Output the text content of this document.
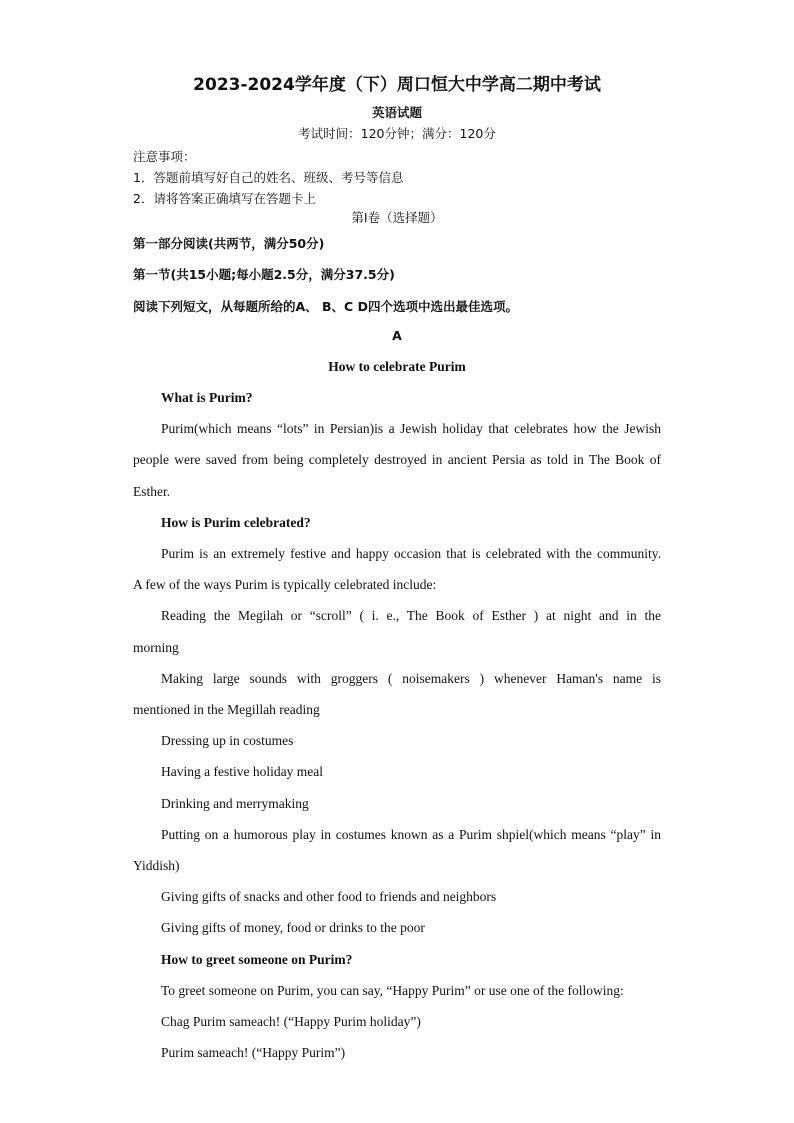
2023-2024学年度（下）周口恒大中学高二期中考试
英语试题
考试时间：120分钟；满分：120分
注意事项：
1．答题前填写好自己的姓名、班级、考号等信息
2．请将答案正确填写在答题卡上
第I卷（选择题）
第一部分阅读(共两节，满分50分)
第一节(共15小题;每小题2.5分，满分37.5分)
阅读下列短文，从每题所给的A、 B、C D四个选项中选出最佳选项。
A
How to celebrate Purim
What is Purim?
Purim(which means “lots” in Persian)is a Jewish holiday that celebrates how the Jewish
people were saved from being completely destroyed in ancient Persia as told in The Book of
Esther.
How is Purim celebrated?
Purim is an extremely festive and happy occasion that is celebrated with the community.
A few of the ways Purim is typically celebrated include:
Reading the Megilah or “scroll” ( i. e., The Book of Esther ) at night and in the
morning
Making large sounds with groggers ( noisemakers ) whenever Haman's name is
mentioned in the Megillah reading
Dressing up in costumes
Having a festive holiday meal
Drinking and merrymaking
Putting on a humorous play in costumes known as a Purim shpiel(which means “play” in
Yiddish)
Giving gifts of snacks and other food to friends and neighbors
Giving gifts of money, food or drinks to the poor
How to greet someone on Purim?
To greet someone on Purim, you can say, “Happy Purim” or use one of the following:
Chag Purim sameach! (“Happy Purim holiday”)
Purim sameach! (“Happy Purim”)
